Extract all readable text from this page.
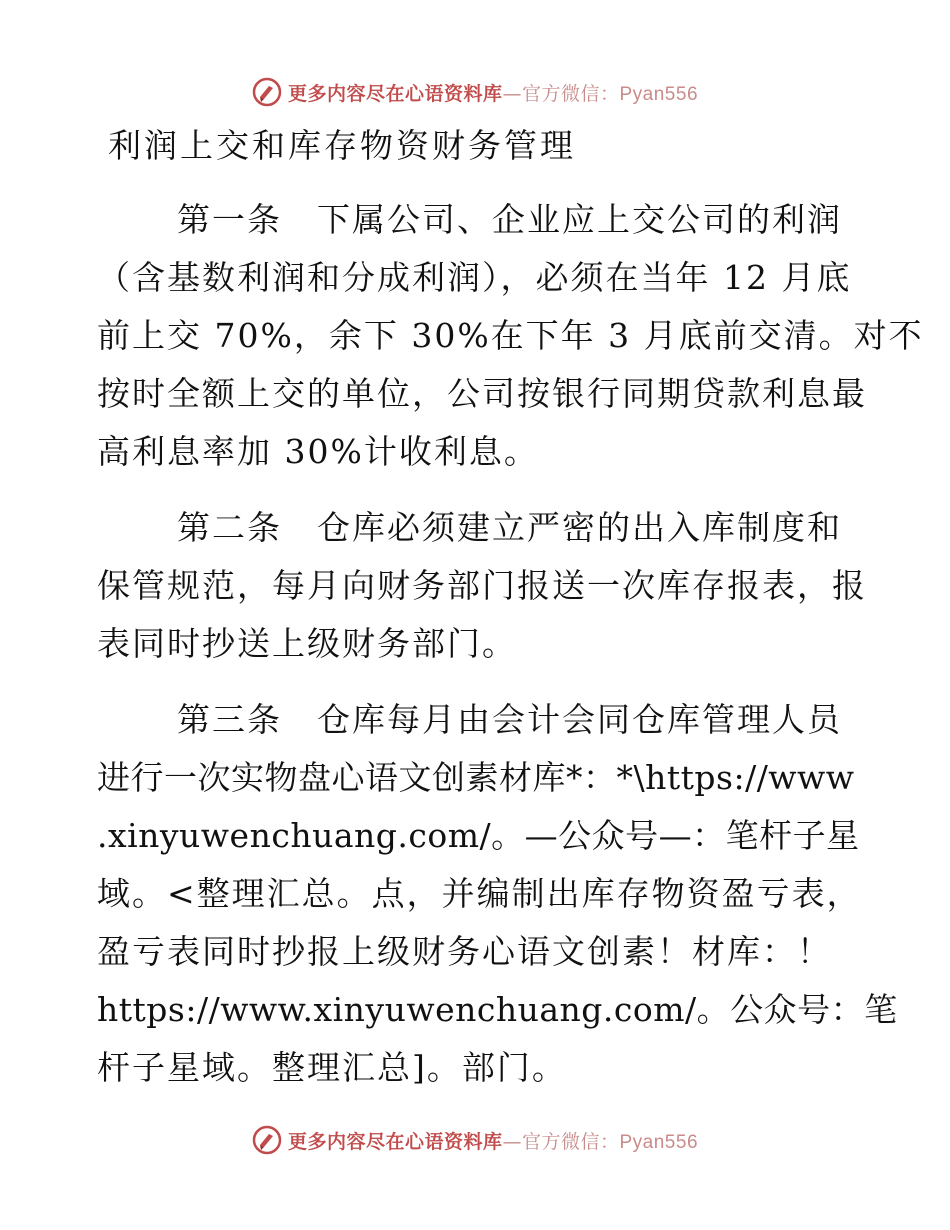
更多内容尽在心语资料库—官方微信：Pyan556
利润上交和库存物资财务管理
第一条　下属公司、企业应上交公司的利润
（含基数利润和分成利润），必须在当年 12 月底
前上交 70%，余下 30%在下年 3 月底前交清。对不
按时全额上交的单位，公司按银行同期贷款利息最
高利息率加 30%计收利息。
第二条　仓库必须建立严密的出入库制度和
保管规范，每月向财务部门报送一次库存报表，报
表同时抄送上级财务部门。
第三条　仓库每月由会计会同仓库管理人员
进行一次实物盘心语文创素材库*：*\https://www
.xinyuwenchuang.com/。—公众号—：笔杆子星
域。<整理汇总。点，并编制出库存物资盈亏表，
盈亏表同时抄报上级财务心语文创素！材库：！
https://www.xinyuwenchuang.com/。公众号：笔
杆子星域。整理汇总]。部门。
更多内容尽在心语资料库—官方微信：Pyan556
